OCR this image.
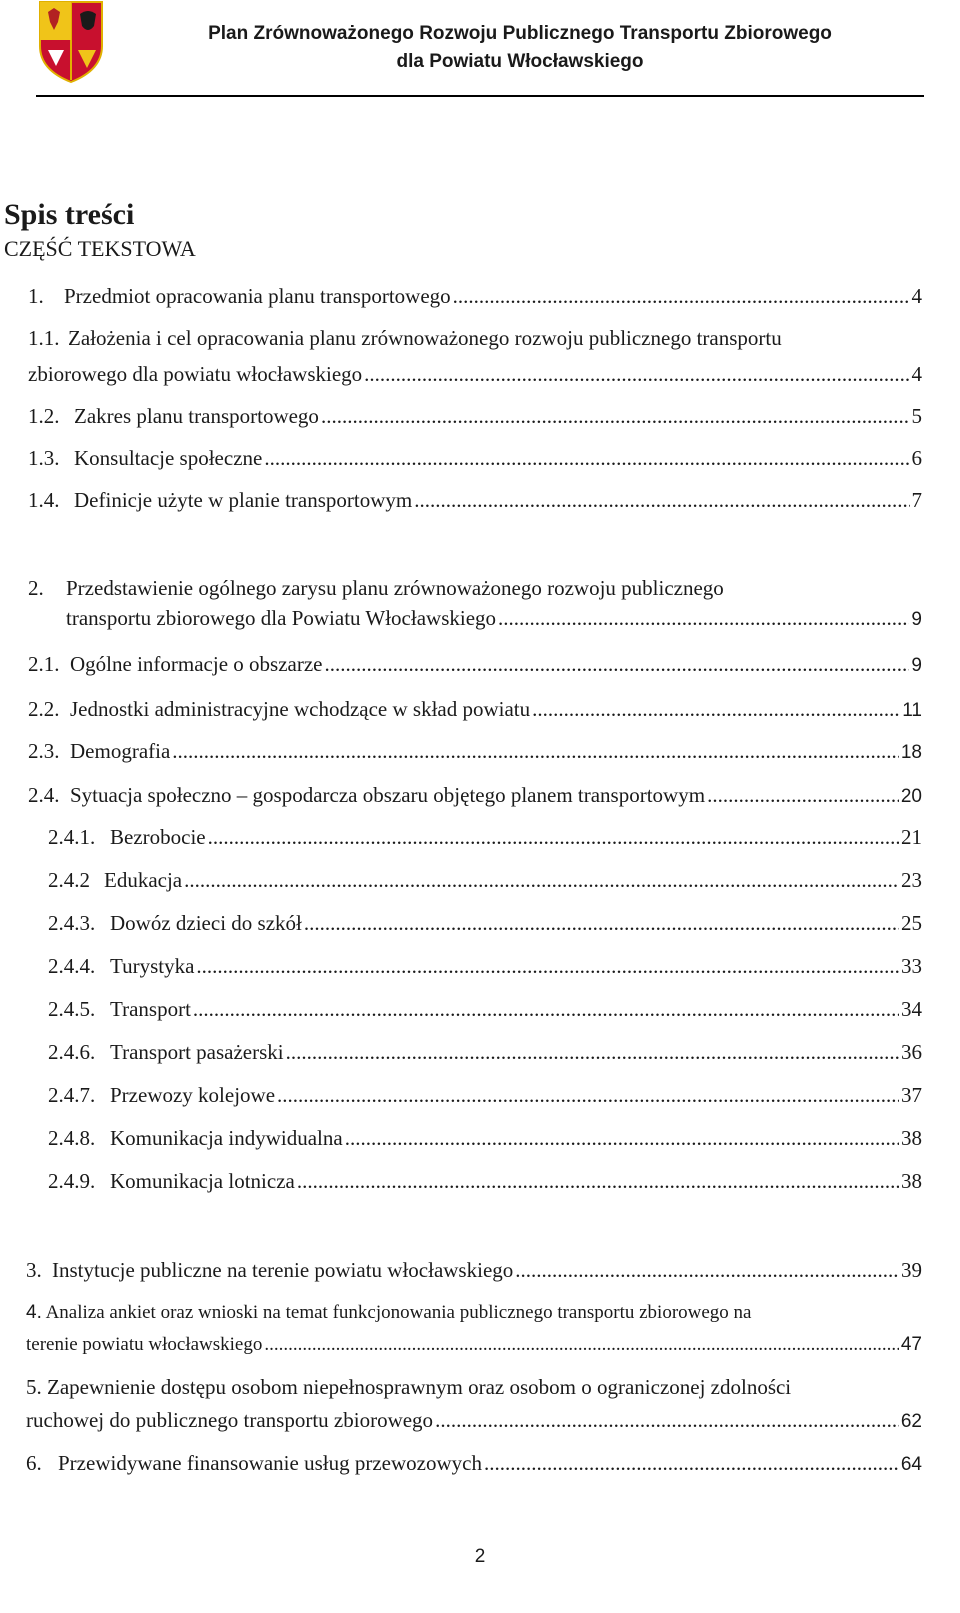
Plan Zrównoważonego Rozwoju Publicznego Transportu Zbiorowego
dla Powiatu Włocławskiego
Spis treści
CZĘŚĆ TEKSTOWA
1. Przedmiot opracowania planu transportowego .....	4
1.1. Założenia i cel opracowania planu zrównoważonego rozwoju publicznego transportu
zbiorowego dla powiatu włocławskiego .....	4
1.2. Zakres planu transportowego .....	5
1.3. Konsultacje społeczne .....	6
1.4. Definicje użyte w planie transportowym .....	7
2. Przedstawienie ogólnego zarysu planu zrównoważonego rozwoju publicznego
transportu zbiorowego dla Powiatu Włocławskiego .....	9
2.1. Ogólne informacje o obszarze .....	9
2.2. Jednostki administracyjne wchodzące w skład powiatu .....	11
2.3. Demografia .....	18
2.4. Sytuacja społeczno – gospodarcza obszaru objętego planem transportowym .....	20
2.4.1. Bezrobocie .....	21
2.4.2 Edukacja .....	23
2.4.3. Dowóz dzieci do szkół .....	25
2.4.4. Turystyka .....	33
2.4.5. Transport .....	34
2.4.6. Transport pasażerski .....	36
2.4.7. Przewozy kolejowe .....	37
2.4.8. Komunikacja indywidualna .....	38
2.4.9. Komunikacja lotnicza .....	38
3. Instytucje publiczne na terenie powiatu włocławskiego .....	39
4. Analiza ankiet oraz wnioski na temat funkcjonowania publicznego transportu zbiorowego na
terenie powiatu włocławskiego .....	47
5. Zapewnienie dostępu osobom niepełnosprawnym oraz osobom o ograniczonej zdolności
ruchowej do publicznego transportu zbiorowego .....	62
6. Przewidywane finansowanie usług przewozowych .....	64
2
